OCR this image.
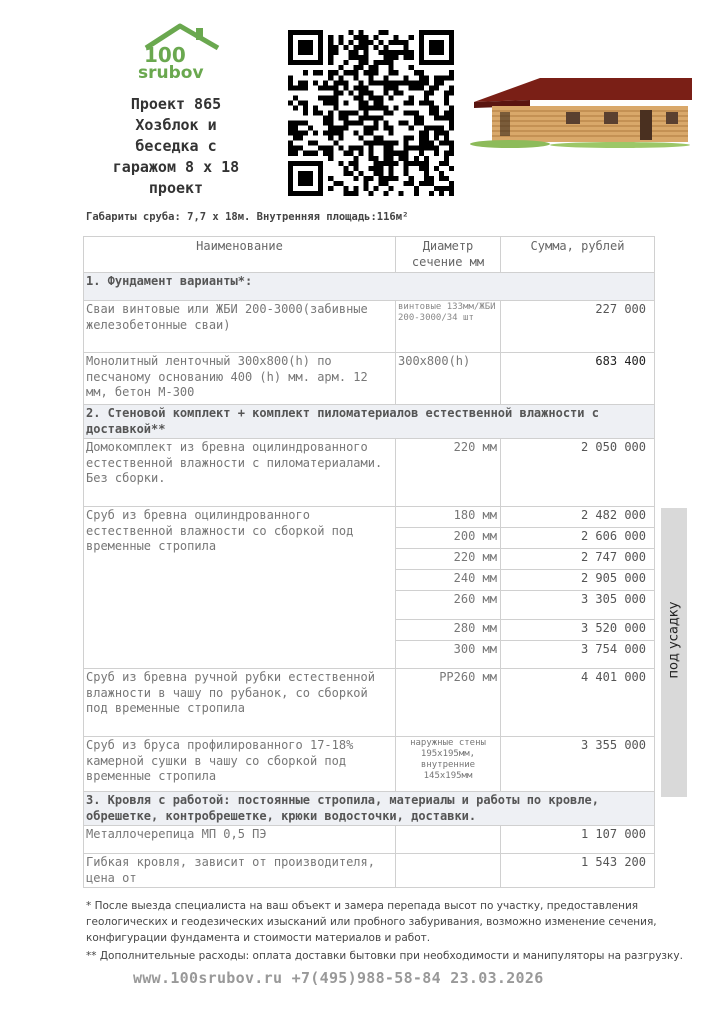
100
srubov
Проект 865
Хозблок и
беседка с
гаражом 8 х 18
проект
Габариты сруба: 7,7 х 18м. Внутренняя площадь:116м²
Наименование	Диаметр сечение мм	Сумма, рублей
1. Фундамент варианты*:		
Сваи винтовые или ЖБИ 200-3000(забивные железобетонные сваи)	винтовые 133мм/ЖБИ 200-3000/34 шт	227 000
Монолитный ленточный 300х800(h) по песчаному основанию 400 (h) мм. арм. 12 мм, бетон М-300	300х800(h)	683 400
2. Стеновой комплект + комплект пиломатериалов естественной влажности с доставкой**		
Домокомплект из бревна оцилиндрованного естественной влажности с пиломатериалами. Без сборки.	220 мм	2 050 000
Сруб из бревна оцилиндрованного естественной влажности со сборкой под временные стропила	180 мм	2 482 000
	200 мм	2 606 000
	220 мм	2 747 000
	240 мм	2 905 000
	260 мм	3 305 000
	280 мм	3 520 000
	300 мм	3 754 000
Сруб из бревна ручной рубки естественной влажности в чашу по рубанок, со сборкой под временные стропила	РР260 мм	4 401 000
Сруб из бруса профилированного 17-18% камерной сушки в чашу со сборкой под временные стропила	наружные стены 195х195мм, внутренние 145х195мм	3 355 000
3. Кровля с работой: постоянные стропила, материалы и работы по кровле, обрешетке, контробрешетке, крюки водосточки, доставки.		
Металлочерепица МП 0,5 ПЭ		1 107 000
Гибкая кровля, зависит от производителя, цена от		1 543 200
под усадку
* После выезда специалиста на ваш объект и замера перепада высот по участку, предоставления геологических и геодезических изысканий или пробного забуривания, возможно изменение сечения, конфигурации фундамента и стоимости материалов и работ.
** Дополнительные расходы: оплата доставки бытовки при необходимости и манипуляторы на разгрузку.
www.100srubov.ru +7(495)988-58-84 23.03.2026
